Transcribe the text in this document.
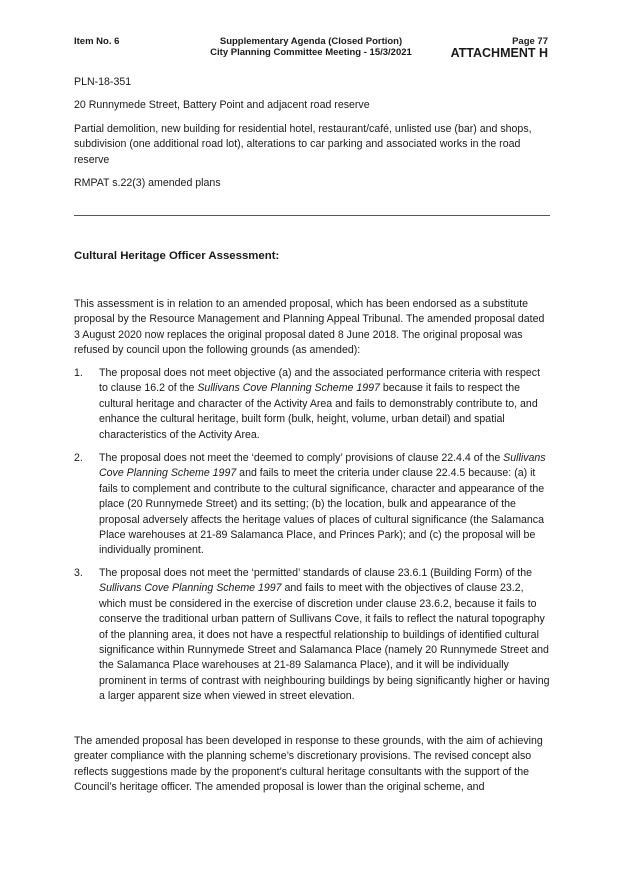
Item No. 6	Supplementary Agenda (Closed Portion)
City Planning Committee Meeting - 15/3/2021
Page 77
ATTACHMENT H
PLN-18-351
20 Runnymede Street, Battery Point and adjacent road reserve
Partial demolition, new building for residential hotel, restaurant/café, unlisted use (bar) and shops, subdivision (one additional road lot), alterations to car parking and associated works in the road reserve
RMPAT s.22(3) amended plans
Cultural Heritage Officer Assessment:
This assessment is in relation to an amended proposal, which has been endorsed as a substitute proposal by the Resource Management and Planning Appeal Tribunal. The amended proposal dated 3 August 2020 now replaces the original proposal dated 8 June 2018. The original proposal was refused by council upon the following grounds (as amended):
1. The proposal does not meet objective (a) and the associated performance criteria with respect to clause 16.2 of the Sullivans Cove Planning Scheme 1997 because it fails to respect the cultural heritage and character of the Activity Area and fails to demonstrably contribute to, and enhance the cultural heritage, built form (bulk, height, volume, urban detail) and spatial characteristics of the Activity Area.
2. The proposal does not meet the ‘deemed to comply’ provisions of clause 22.4.4 of the Sullivans Cove Planning Scheme 1997 and fails to meet the criteria under clause 22.4.5 because: (a) it fails to complement and contribute to the cultural significance, character and appearance of the place (20 Runnymede Street) and its setting; (b) the location, bulk and appearance of the proposal adversely affects the heritage values of places of cultural significance (the Salamanca Place warehouses at 21-89 Salamanca Place, and Princes Park); and (c) the proposal will be individually prominent.
3. The proposal does not meet the ‘permitted’ standards of clause 23.6.1 (Building Form) of the Sullivans Cove Planning Scheme 1997 and fails to meet with the objectives of clause 23.2, which must be considered in the exercise of discretion under clause 23.6.2, because it fails to conserve the traditional urban pattern of Sullivans Cove, it fails to reflect the natural topography of the planning area, it does not have a respectful relationship to buildings of identified cultural significance within Runnymede Street and Salamanca Place (namely 20 Runnymede Street and the Salamanca Place warehouses at 21-89 Salamanca Place), and it will be individually prominent in terms of contrast with neighbouring buildings by being significantly higher or having a larger apparent size when viewed in street elevation.
The amended proposal has been developed in response to these grounds, with the aim of achieving greater compliance with the planning scheme’s discretionary provisions. The revised concept also reflects suggestions made by the proponent’s cultural heritage consultants with the support of the Council’s heritage officer. The amended proposal is lower than the original scheme, and
